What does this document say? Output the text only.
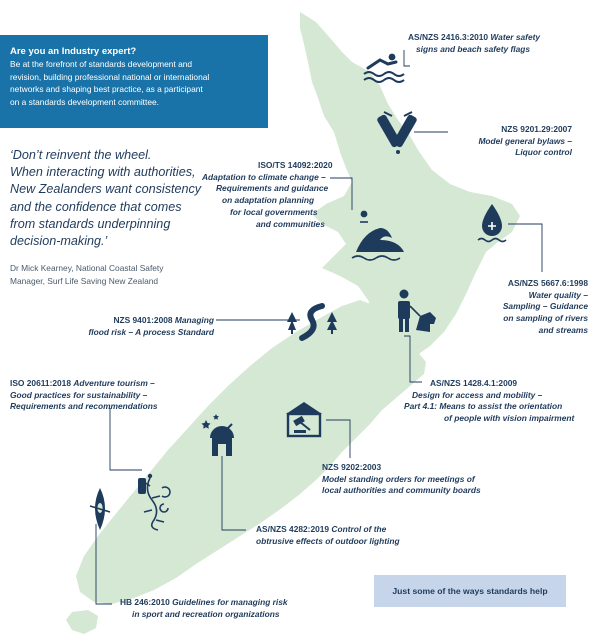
Are you an Industry expert?

Be at the forefront of standards development and

revision, building professional national or international

networks and shaping best practice, as a participant

on a standards development committee.

‘Don’t reinvent the wheel.
When interacting with authorities,
New Zealanders want consistency
and the confidence that comes
from standards underpinning
decision-making.’
Dr Mick Kearney, National Coastal Safety
Manager, Surf Life Saving New Zealand
AS/NZS 2416.3:2010 Water safety
signs and beach safety flags
NZS 9201.29:2007
Model general bylaws –
Liquor control
ISO/TS 14092:2020
Adaptation to climate change –
Requirements and guidance
on adaptation planning
for local governments
and communities
AS/NZS 5667.6:1998
Water quality –
Sampling – Guidance
on sampling of rivers
and streams
NZS 9401:2008 Managing
flood risk – A process Standard
AS/NZS 1428.4.1:2009
Design for access and mobility –
Part 4.1: Means to assist the orientation
of people with vision impairment
ISO 20611:2018 Adventure tourism –
Good practices for sustainability –
Requirements and recommendations
NZS 9202:2003
Model standing orders for meetings of
local authorities and community boards
AS/NZS 4282:2019 Control of the
obtrusive effects of outdoor lighting
HB 246:2010 Guidelines for managing risk
in sport and recreation organizations
Just some of the ways standards help
